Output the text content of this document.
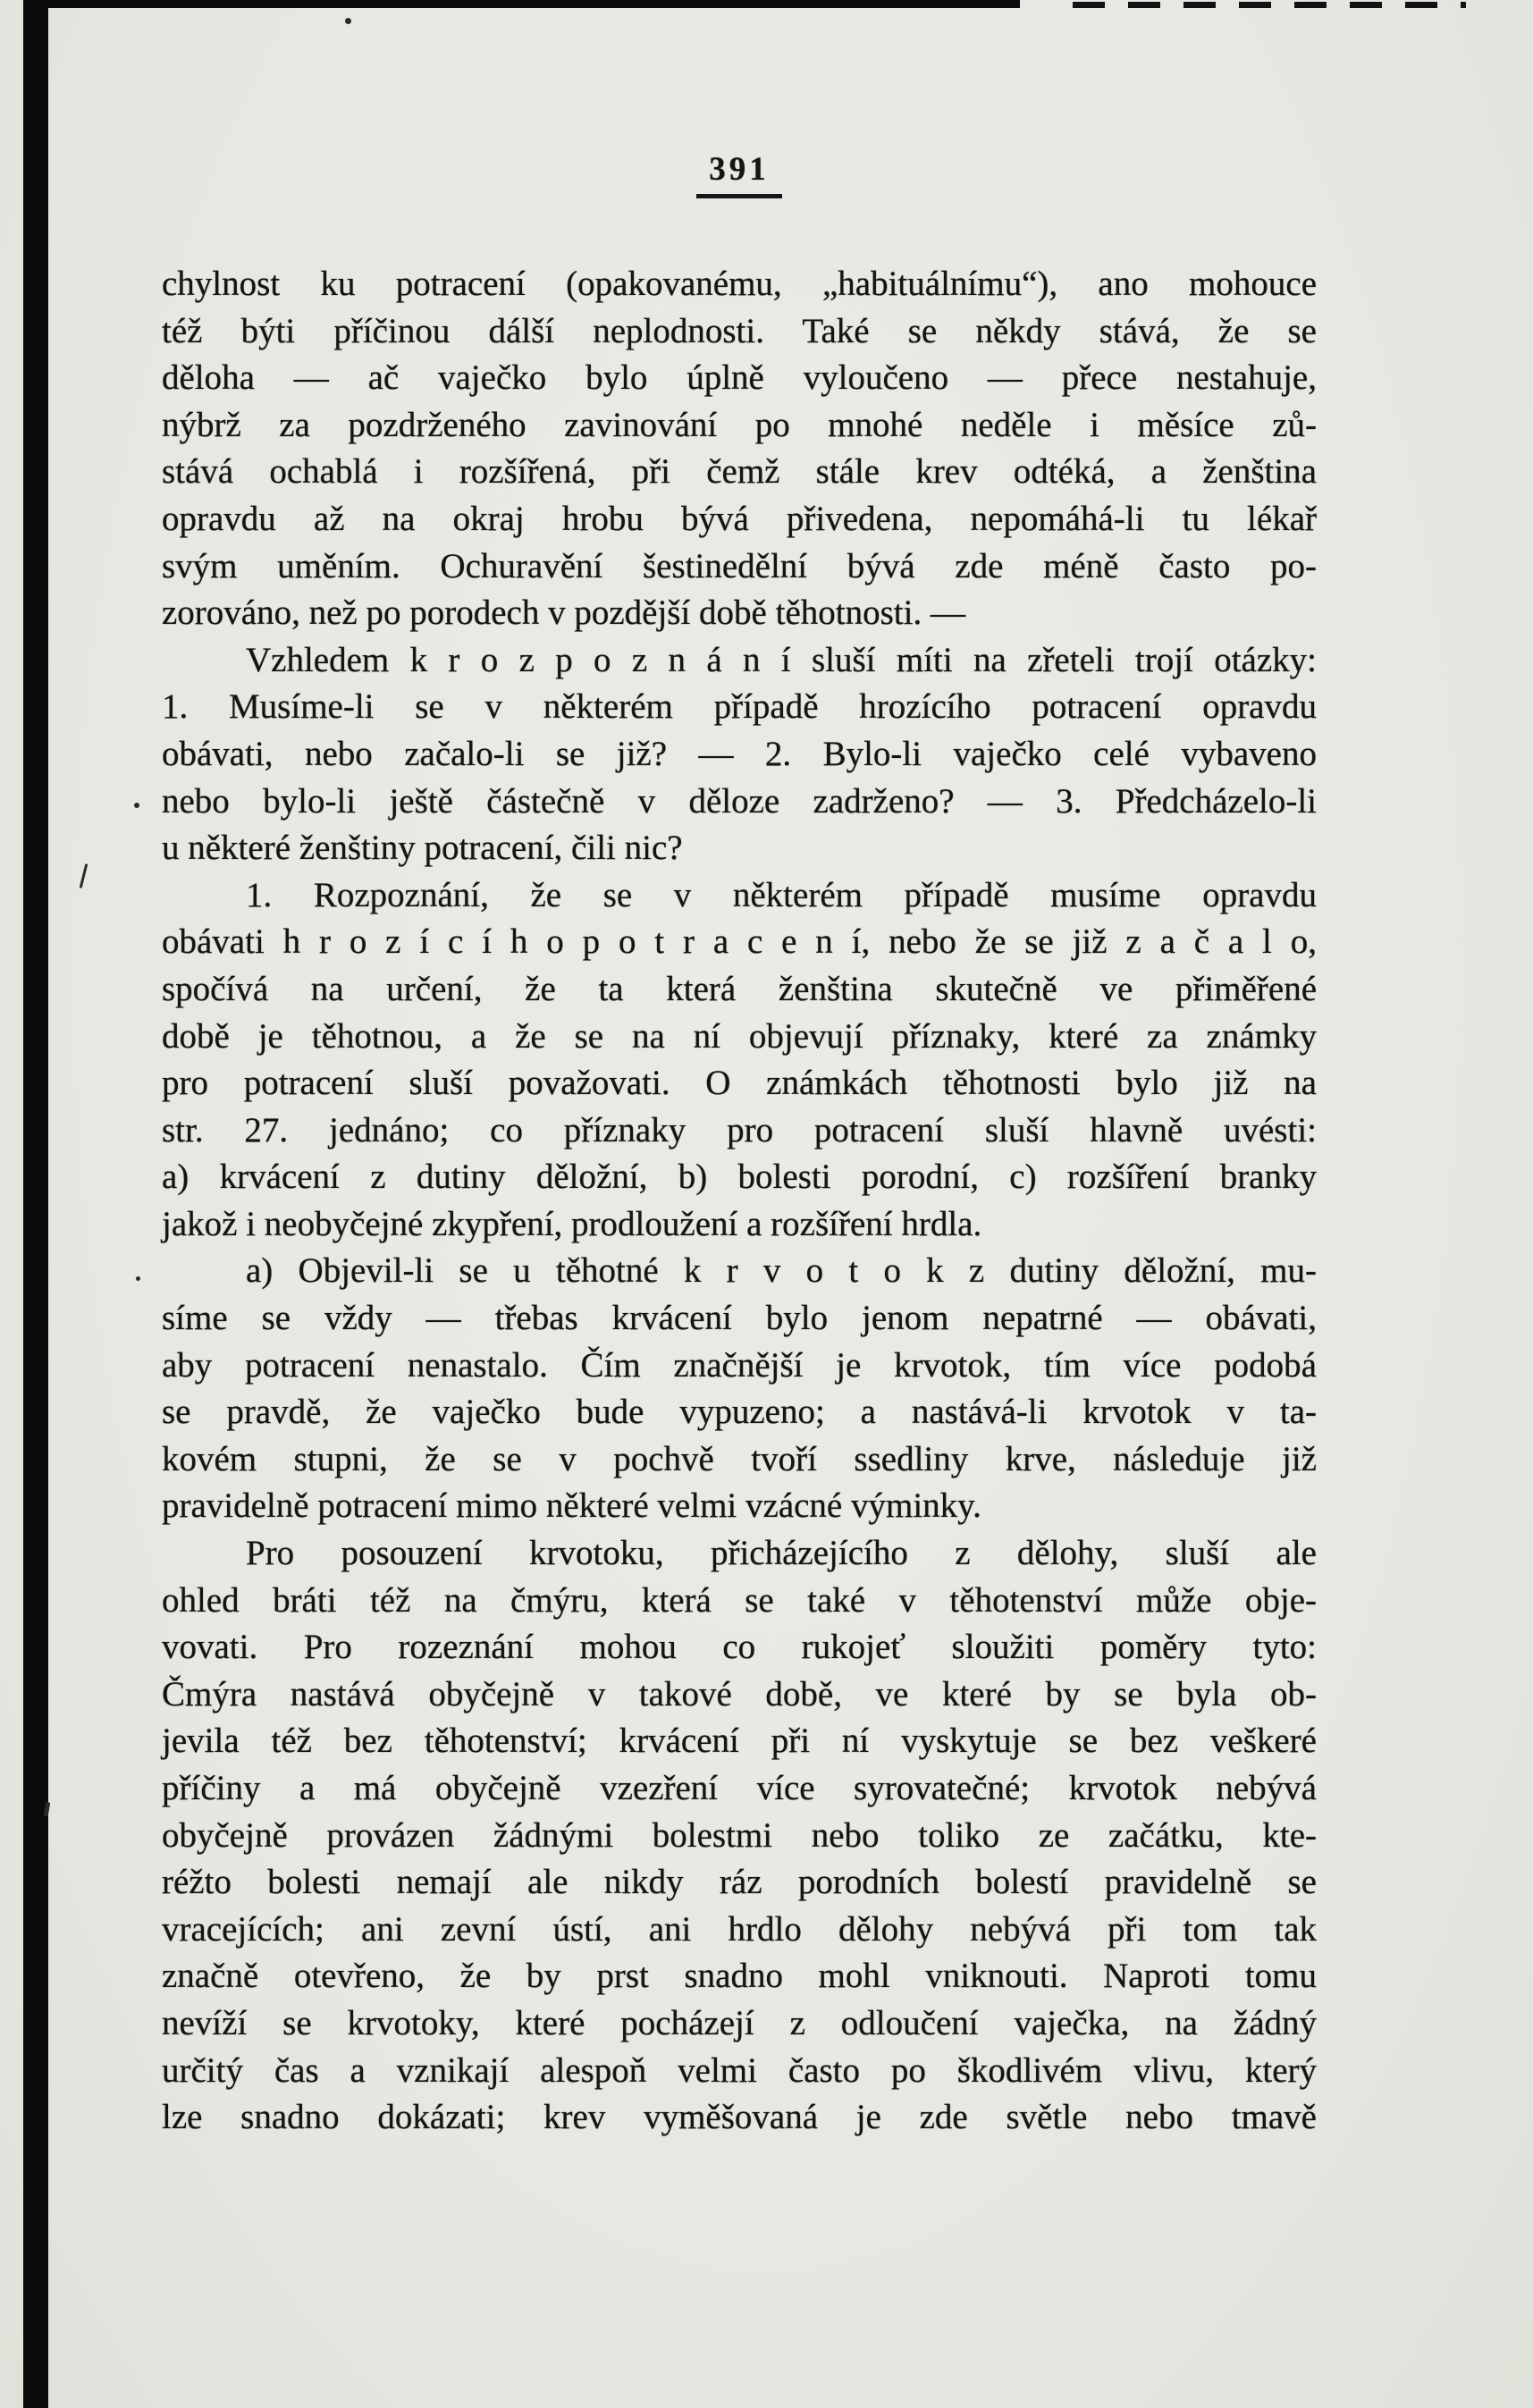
391
chylnost ku potracení (opakovanému, „habituálnímu“), ano mohouce
též býti příčinou dálší neplodnosti. Také se někdy stává, že se
děloha — ač vaječko bylo úplně vyloučeno — přece nestahuje,
nýbrž za pozdrženého zavinování po mnohé neděle i měsíce zů-
stává ochablá i rozšířená, při čemž stále krev odtéká, a ženština
opravdu až na okraj hrobu bývá přivedena, nepomáhá-li tu lékař
svým uměním. Ochuravění šestinedělní bývá zde méně často po-
zorováno, než po porodech v pozdější době těhotnosti. —
Vzhledem k r o z p o z n á n í sluší míti na zřeteli trojí otázky:
1. Musíme-li se v některém případě hrozícího potracení opravdu
obávati, nebo začalo-li se již? — 2. Bylo-li vaječko celé vybaveno
nebo bylo-li ještě částečně v děloze zadrženo? — 3. Předcházelo-li
u některé ženštiny potracení, čili nic?
1. Rozpoznání, že se v některém případě musíme opravdu
obávati h r o z í c í h o p o t r a c e n í, nebo že se již z a č a l o,
spočívá na určení, že ta která ženština skutečně ve přiměřené
době je těhotnou, a že se na ní objevují příznaky, které za známky
pro potracení sluší považovati. O známkách těhotnosti bylo již na
str. 27. jednáno; co příznaky pro potracení sluší hlavně uvésti:
a) krvácení z dutiny děložní, b) bolesti porodní, c) rozšíření branky
jakož i neobyčejné zkypření, prodloužení a rozšíření hrdla.
a) Objevil-li se u těhotné k r v o t o k z dutiny děložní, mu-
síme se vždy — třebas krvácení bylo jenom nepatrné — obávati,
aby potracení nenastalo. Čím značnější je krvotok, tím více podobá
se pravdě, že vaječko bude vypuzeno; a nastává-li krvotok v ta-
kovém stupni, že se v pochvě tvoří ssedliny krve, následuje již
pravidelně potracení mimo některé velmi vzácné výminky.
Pro posouzení krvotoku, přicházejícího z dělohy, sluší ale
ohled bráti též na čmýru, která se také v těhotenství může obje-
vovati. Pro rozeznání mohou co rukojeť sloužiti poměry tyto:
Čmýra nastává obyčejně v takové době, ve které by se byla ob-
jevila též bez těhotenství; krvácení při ní vyskytuje se bez veškeré
příčiny a má obyčejně vzezření více syrovatečné; krvotok nebývá
obyčejně provázen žádnými bolestmi nebo toliko ze začátku, kte-
réžto bolesti nemají ale nikdy ráz porodních bolestí pravidelně se
vracejících; ani zevní ústí, ani hrdlo dělohy nebývá při tom tak
značně otevřeno, že by prst snadno mohl vniknouti. Naproti tomu
nevíží se krvotoky, které pocházejí z odloučení vaječka, na žádný
určitý čas a vznikají alespoň velmi často po škodlivém vlivu, který
lze snadno dokázati; krev vyměšovaná je zde světle nebo tmavě
